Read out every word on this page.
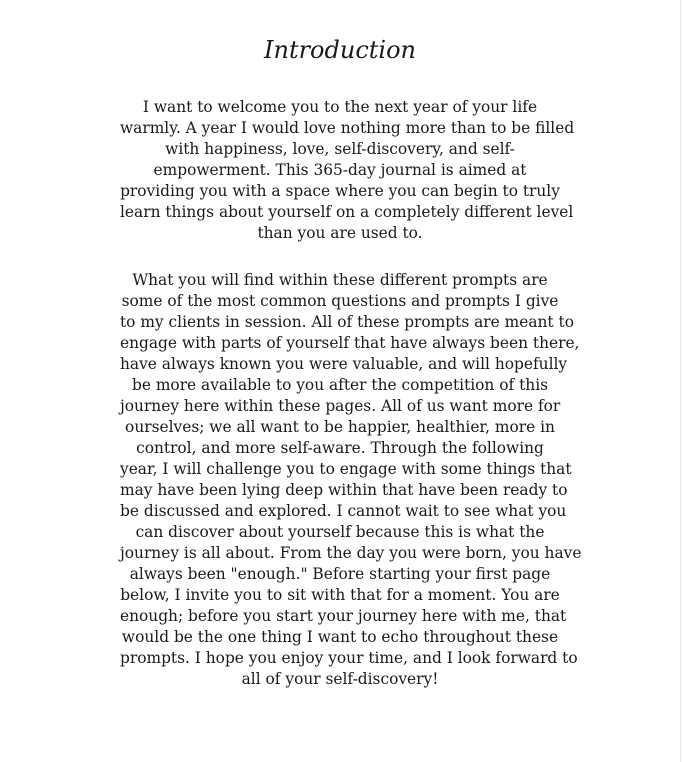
Introduction
I want to welcome you to the next year of your life
warmly. A year I would love nothing more than to be filled
with happiness, love, self-discovery, and self-
empowerment. This 365-day journal is aimed at
providing you with a space where you can begin to truly
learn things about yourself on a completely different level
than you are used to.
What you will find within these different prompts are
some of the most common questions and prompts I give
to my clients in session. All of these prompts are meant to
engage with parts of yourself that have always been there,
have always known you were valuable, and will hopefully
be more available to you after the competition of this
journey here within these pages. All of us want more for
ourselves; we all want to be happier, healthier, more in
control, and more self-aware. Through the following
year, I will challenge you to engage with some things that
may have been lying deep within that have been ready to
be discussed and explored. I cannot wait to see what you
can discover about yourself because this is what the
journey is all about. From the day you were born, you have
always been "enough." Before starting your first page
below, I invite you to sit with that for a moment. You are
enough; before you start your journey here with me, that
would be the one thing I want to echo throughout these
prompts. I hope you enjoy your time, and I look forward to
all of your self-discovery!
